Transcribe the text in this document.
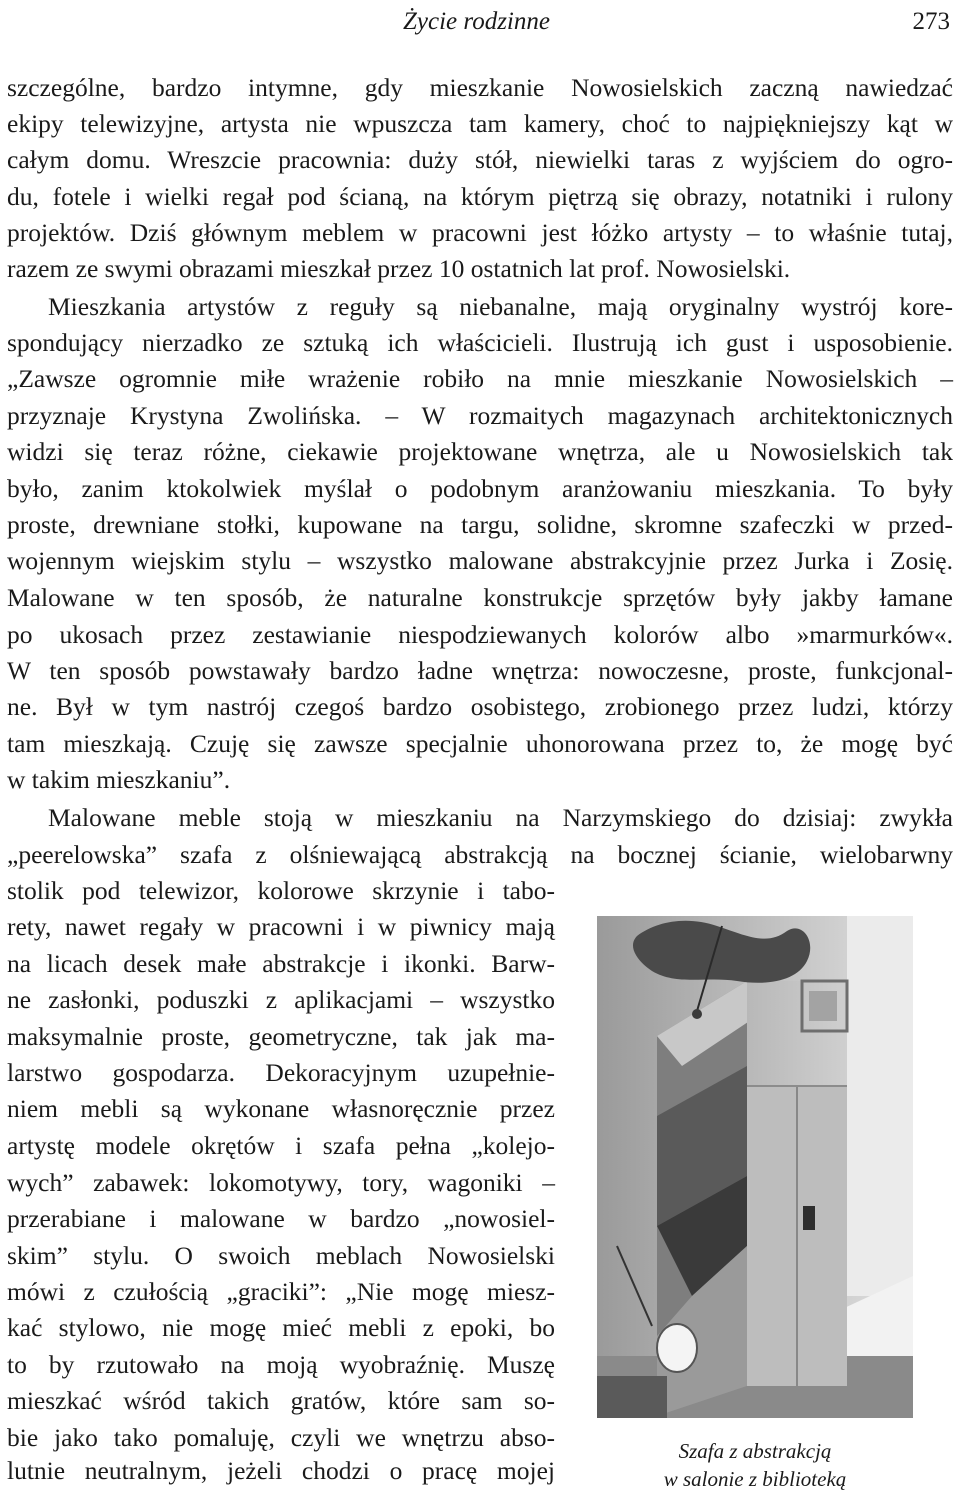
Życie rodzinne	273
szczególne, bardzo intymne, gdy mieszkanie Nowosielskich zaczną nawiedzać
ekipy telewizyjne, artysta nie wpuszcza tam kamery, choć to najpiękniejszy kąt w
całym domu. Wreszcie pracownia: duży stół, niewielki taras z wyjściem do ogro-
du, fotele i wielki regał pod ścianą, na którym piętrzą się obrazy, notatniki i rulony
projektów. Dziś głównym meblem w pracowni jest łóżko artysty – to właśnie tutaj,
razem ze swymi obrazami mieszkał przez 10 ostatnich lat prof. Nowosielski.
Mieszkania artystów z reguły są niebanalne, mają oryginalny wystrój kore-
spondujący nierzadko ze sztuką ich właścicieli. Ilustrują ich gust i usposobienie.
„Zawsze ogromnie miłe wrażenie robiło na mnie mieszkanie Nowosielskich –
przyznaje Krystyna Zwolińska. – W rozmaitych magazynach architektonicznych
widzi się teraz różne, ciekawie projektowane wnętrza, ale u Nowosielskich tak
było, zanim ktokolwiek myślał o podobnym aranżowaniu mieszkania. To były
proste, drewniane stołki, kupowane na targu, solidne, skromne szafeczki w przed-
wojennym wiejskim stylu – wszystko malowane abstrakcyjnie przez Jurka i Zosię.
Malowane w ten sposób, że naturalne konstrukcje sprzętów były jakby łamane
po ukosach przez zestawianie niespodziewanych kolorów albo »marmurków«.
W ten sposób powstawały bardzo ładne wnętrza: nowoczesne, proste, funkcjonal-
ne. Był w tym nastrój czegoś bardzo osobistego, zrobionego przez ludzi, którzy
tam mieszkają. Czuję się zawsze specjalnie uhonorowana przez to, że mogę być
w takim mieszkaniu”.
Malowane meble stoją w mieszkaniu na Narzymskiego do dzisiaj: zwykła
„peerelowska” szafa z olśniewającą abstrakcją na bocznej ścianie, wielobarwny
stolik pod telewizor, kolorowe skrzynie i tabo-
rety, nawet regały w pracowni i w piwnicy mają
na licach desek małe abstrakcje i ikonki. Barw-
ne zasłonki, poduszki z aplikacjami – wszystko
maksymalnie proste, geometryczne, tak jak ma-
larstwo gospodarza. Dekoracyjnym uzupełnie-
niem mebli są wykonane własnoręcznie przez
artystę modele okrętów i szafa pełna „kolejo-
wych” zabawek: lokomotywy, tory, wagoniki –
przerabiane i malowane w bardzo „nowosiel-
skim” stylu. O swoich meblach Nowosielski
mówi z czułością „graciki”: „Nie mogę miesz-
kać stylowo, nie mogę mieć mebli z epoki, bo
to by rzutowało na moją wyobraźnię. Muszę
mieszkać wśród takich gratów, które sam so-
bie jako tako pomaluję, czyli we wnętrzu abso-
lutnie neutralnym, jeżeli chodzi o pracę mojej
Szafa z abstrakcją
w salonie z biblioteką
